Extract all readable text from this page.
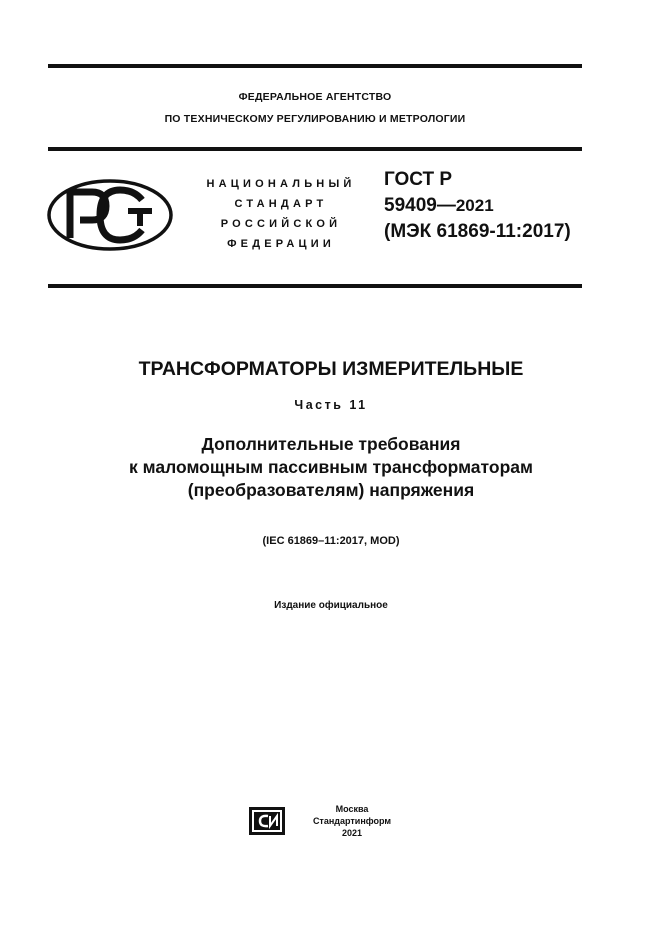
ФЕДЕРАЛЬНОЕ АГЕНТСТВО
ПО ТЕХНИЧЕСКОМУ РЕГУЛИРОВАНИЮ И МЕТРОЛОГИИ
НАЦИОНАЛЬНЫЙ
СТАНДАРТ
РОССИЙСКОЙ
ФЕДЕРАЦИИ
ГОСТ Р
59409—2021
(МЭК 61869-11:2017)
ТРАНСФОРМАТОРЫ ИЗМЕРИТЕЛЬНЫЕ
Часть 11
Дополнительные требования
к маломощным пассивным трансформаторам
(преобразователям) напряжения
(IEC 61869–11:2017, MOD)
Издание официальное
Москва
Стандартинформ
2021
